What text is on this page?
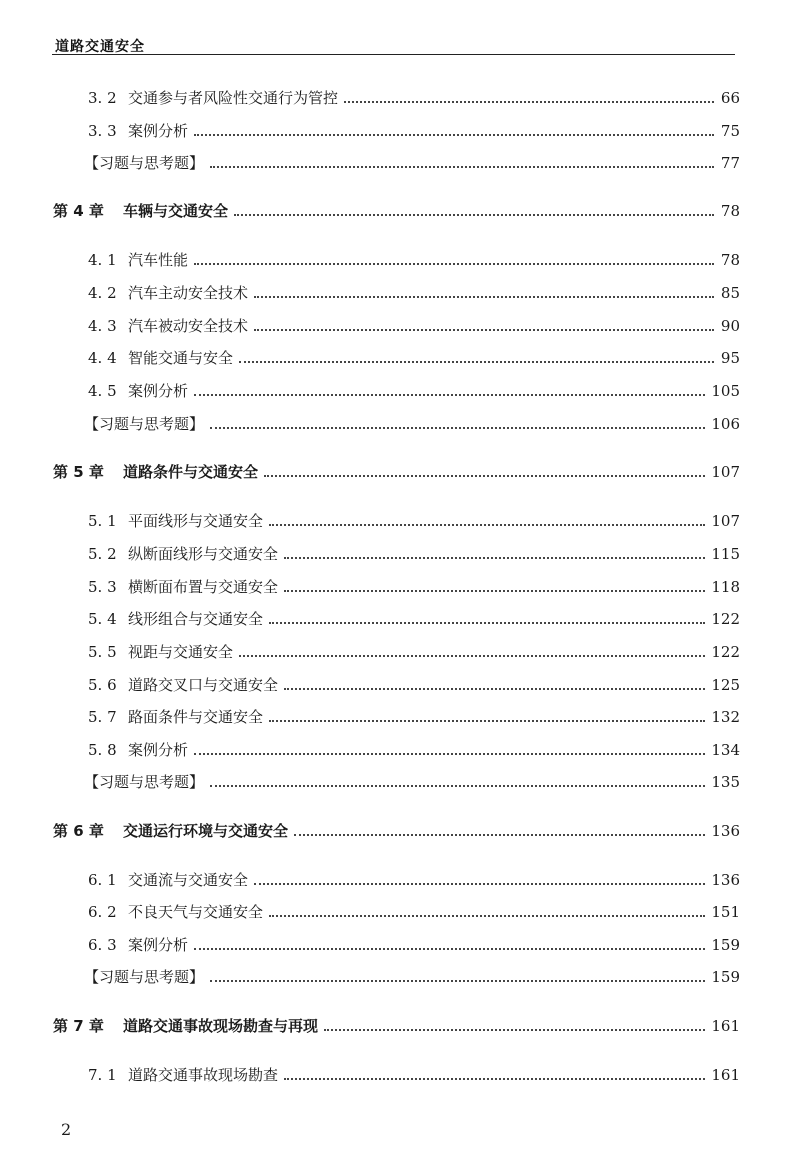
道路交通安全
3. 2 交通参与者风险性交通行为管控	66
3. 3 案例分析	75
【习题与思考题】	77
第 4 章	车辆与交通安全	78
4. 1 汽车性能	78
4. 2 汽车主动安全技术	85
4. 3 汽车被动安全技术	90
4. 4 智能交通与安全	95
4. 5 案例分析	105
【习题与思考题】	106
第 5 章	道路条件与交通安全	107
5. 1 平面线形与交通安全	107
5. 2 纵断面线形与交通安全	115
5. 3 横断面布置与交通安全	118
5. 4 线形组合与交通安全	122
5. 5 视距与交通安全	122
5. 6 道路交叉口与交通安全	125
5. 7 路面条件与交通安全	132
5. 8 案例分析	134
【习题与思考题】	135
第 6 章	交通运行环境与交通安全	136
6. 1 交通流与交通安全	136
6. 2 不良天气与交通安全	151
6. 3 案例分析	159
【习题与思考题】	159
第 7 章	道路交通事故现场勘查与再现	161
7. 1 道路交通事故现场勘查	161
2
